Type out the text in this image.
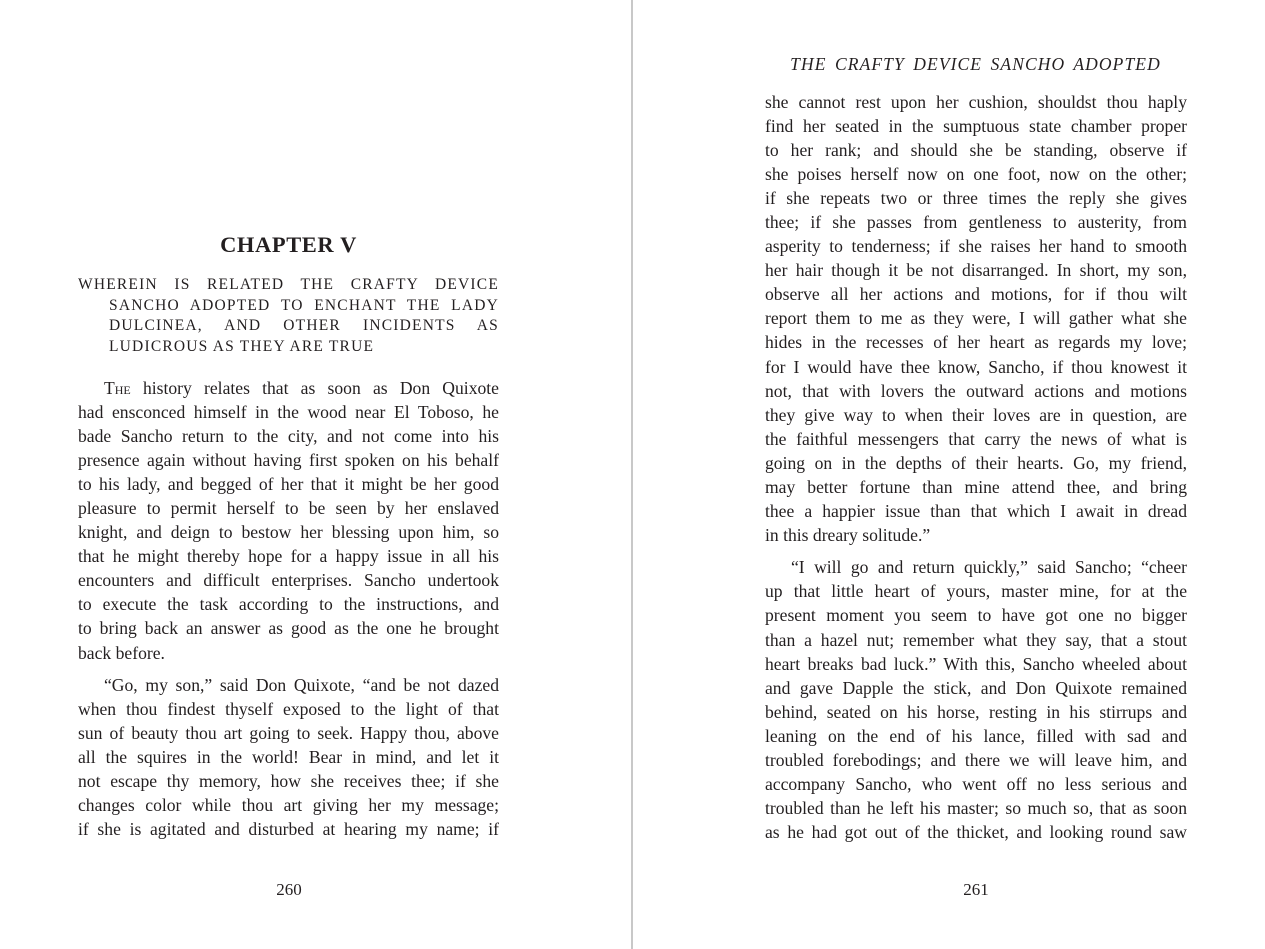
CHAPTER V
WHEREIN IS RELATED THE CRAFTY DEVICE
SANCHO ADOPTED TO ENCHANT THE LADY
DULCINEA, AND OTHER INCIDENTS AS
LUDICROUS AS THEY ARE TRUE

The history relates that as soon as Don Quixote
had ensconced himself in the wood near El Toboso, he
bade Sancho return to the city, and not come into his
presence again without having first spoken on his behalf
to his lady, and begged of her that it might be her good
pleasure to permit herself to be seen by her enslaved
knight, and deign to bestow her blessing upon him, so
that he might thereby hope for a happy issue in all his
encounters and difficult enterprises. Sancho undertook
to execute the task according to the instructions, and
to bring back an answer as good as the one he brought
back before.

“Go, my son,” said Don Quixote, “and be not dazed
when thou findest thyself exposed to the light of that
sun of beauty thou art going to seek. Happy thou, above
all the squires in the world! Bear in mind, and let it
not escape thy memory, how she receives thee; if she
changes color while thou art giving her my message;
if she is agitated and disturbed at hearing my name; if

260
THE CRAFTY DEVICE SANCHO ADOPTED

she cannot rest upon her cushion, shouldst thou haply
find her seated in the sumptuous state chamber proper
to her rank; and should she be standing, observe if
she poises herself now on one foot, now on the other;
if she repeats two or three times the reply she gives
thee; if she passes from gentleness to austerity, from
asperity to tenderness; if she raises her hand to smooth
her hair though it be not disarranged. In short, my son,
observe all her actions and motions, for if thou wilt
report them to me as they were, I will gather what she
hides in the recesses of her heart as regards my love;
for I would have thee know, Sancho, if thou knowest it
not, that with lovers the outward actions and motions
they give way to when their loves are in question, are
the faithful messengers that carry the news of what is
going on in the depths of their hearts. Go, my friend,
may better fortune than mine attend thee, and bring
thee a happier issue than that which I await in dread
in this dreary solitude.”

“I will go and return quickly,” said Sancho; “cheer
up that little heart of yours, master mine, for at the
present moment you seem to have got one no bigger
than a hazel nut; remember what they say, that a stout
heart breaks bad luck.” With this, Sancho wheeled about
and gave Dapple the stick, and Don Quixote remained
behind, seated on his horse, resting in his stirrups and
leaning on the end of his lance, filled with sad and
troubled forebodings; and there we will leave him, and
accompany Sancho, who went off no less serious and
troubled than he left his master; so much so, that as soon
as he had got out of the thicket, and looking round saw

261
